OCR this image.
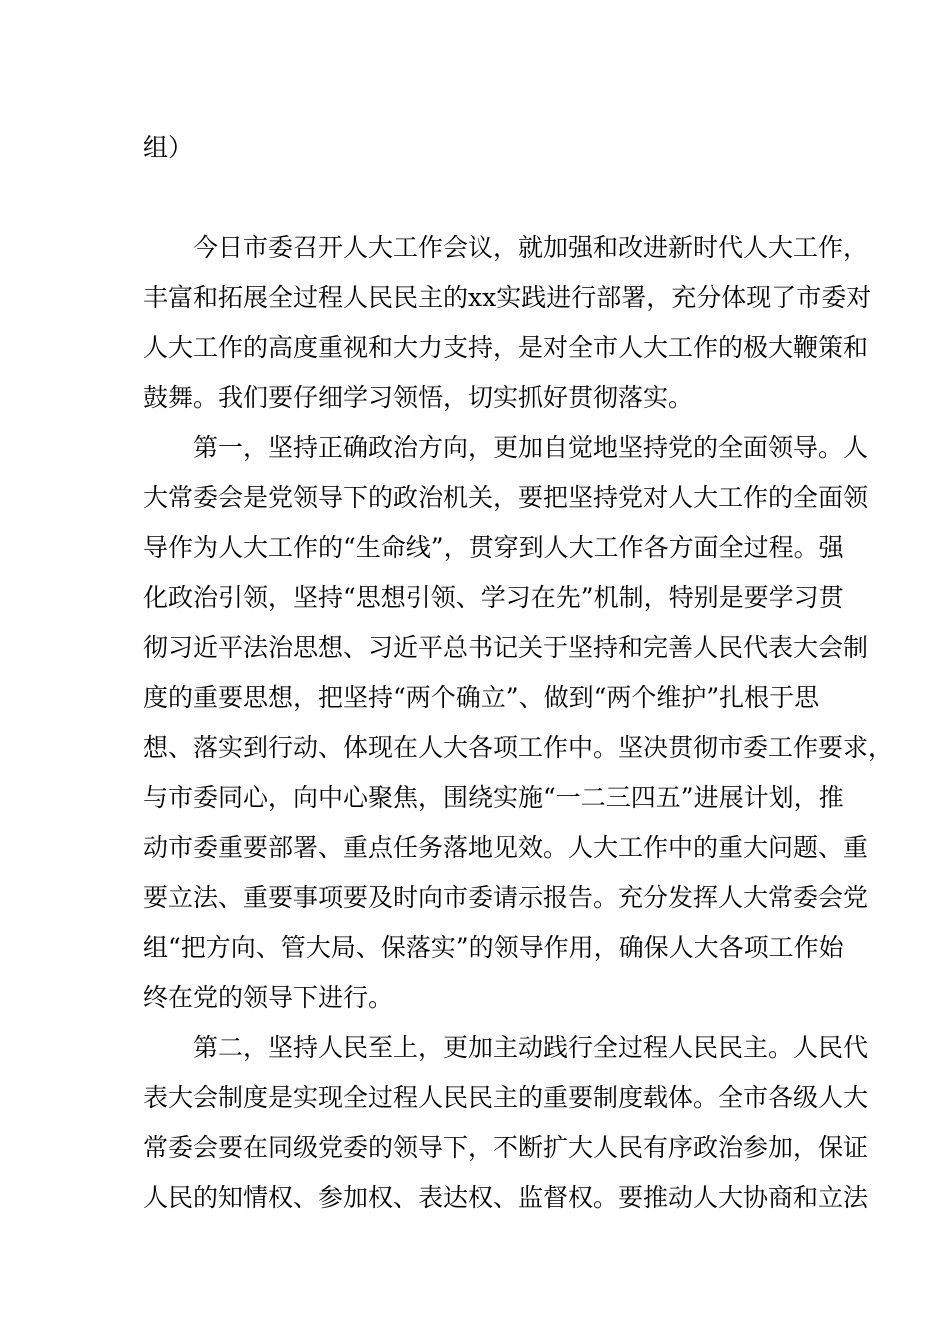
组）
今日市委召开人大工作会议，就加强和改进新时代人大工作，
丰富和拓展全过程人民民主的xx实践进行部署，充分体现了市委对
人大工作的高度重视和大力支持，是对全市人大工作的极大鞭策和
鼓舞。我们要仔细学习领悟，切实抓好贯彻落实。
第一，坚持正确政治方向，更加自觉地坚持党的全面领导。人
大常委会是党领导下的政治机关，要把坚持党对人大工作的全面领
导作为人大工作的“生命线”，贯穿到人大工作各方面全过程。强
化政治引领，坚持“思想引领、学习在先”机制，特别是要学习贯
彻习近平法治思想、习近平总书记关于坚持和完善人民代表大会制
度的重要思想，把坚持“两个确立”、做到“两个维护”扎根于思
想、落实到行动、体现在人大各项工作中。坚决贯彻市委工作要求，
与市委同心，向中心聚焦，围绕实施“一二三四五”进展计划，推
动市委重要部署、重点任务落地见效。人大工作中的重大问题、重
要立法、重要事项要及时向市委请示报告。充分发挥人大常委会党
组“把方向、管大局、保落实”的领导作用，确保人大各项工作始
终在党的领导下进行。
第二，坚持人民至上，更加主动践行全过程人民民主。人民代
表大会制度是实现全过程人民民主的重要制度载体。全市各级人大
常委会要在同级党委的领导下，不断扩大人民有序政治参加，保证
人民的知情权、参加权、表达权、监督权。要推动人大协商和立法
